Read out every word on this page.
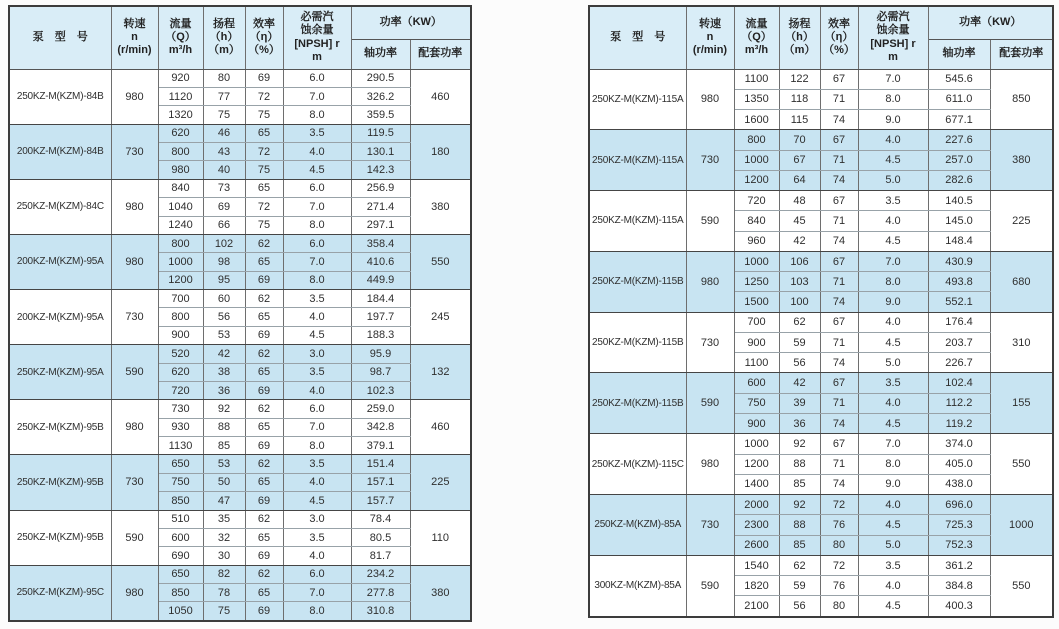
泵　型　号	
转速
n
(r/min)

流量
（Q）
m³/h

扬程
（h）
（m）

效率
（η）
（%）

必需汽
蚀余量
[NPSH] r
m
	功率（KW）
						轴功率	配套功率
250KZ-M(KZM)-84B	980	920	80	69	6.0	290.5	460
		1120	77	72	7.0	326.2	
		1320	75	75	8.0	359.5	
200KZ-M(KZM)-84B	730	620	46	65	3.5	119.5	180
		800	43	72	4.0	130.1	
		980	40	75	4.5	142.3	
250KZ-M(KZM)-84C	980	840	73	65	6.0	256.9	380
		1040	69	72	7.0	271.4	
		1240	66	75	8.0	297.1	
200KZ-M(KZM)-95A	980	800	102	62	6.0	358.4	550
		1000	98	65	7.0	410.6	
		1200	95	69	8.0	449.9	
200KZ-M(KZM)-95A	730	700	60	62	3.5	184.4	245
		800	56	65	4.0	197.7	
		900	53	69	4.5	188.3	
250KZ-M(KZM)-95A	590	520	42	62	3.0	95.9	132
		620	38	65	3.5	98.7	
		720	36	69	4.0	102.3	
250KZ-M(KZM)-95B	980	730	92	62	6.0	259.0	460
		930	88	65	7.0	342.8	
		1130	85	69	8.0	379.1	
250KZ-M(KZM)-95B	730	650	53	62	3.5	151.4	225
		750	50	65	4.0	157.1	
		850	47	69	4.5	157.7	
250KZ-M(KZM)-95B	590	510	35	62	3.0	78.4	110
		600	32	65	3.5	80.5	
		690	30	69	4.0	81.7	
250KZ-M(KZM)-95C	980	650	82	62	6.0	234.2	380
		850	78	65	7.0	277.8	
		1050	75	69	8.0	310.8	
泵　型　号	
转速
n
(r/min)

流量
（Q）
m³/h

扬程
（h）
（m）

效率
（η）
（%）

必需汽
蚀余量
[NPSH] r
m
	功率（KW）
						轴功率	配套功率
250KZ-M(KZM)-115A	980	1100	122	67	7.0	545.6	850
		1350	118	71	8.0	611.0	
		1600	115	74	9.0	677.1	
250KZ-M(KZM)-115A	730	800	70	67	4.0	227.6	380
		1000	67	71	4.5	257.0	
		1200	64	74	5.0	282.6	
250KZ-M(KZM)-115A	590	720	48	67	3.5	140.5	225
		840	45	71	4.0	145.0	
		960	42	74	4.5	148.4	
250KZ-M(KZM)-115B	980	1000	106	67	7.0	430.9	680
		1250	103	71	8.0	493.8	
		1500	100	74	9.0	552.1	
250KZ-M(KZM)-115B	730	700	62	67	4.0	176.4	310
		900	59	71	4.5	203.7	
		1100	56	74	5.0	226.7	
250KZ-M(KZM)-115B	590	600	42	67	3.5	102.4	155
		750	39	71	4.0	112.2	
		900	36	74	4.5	119.2	
250KZ-M(KZM)-115C	980	1000	92	67	7.0	374.0	550
		1200	88	71	8.0	405.0	
		1400	85	74	9.0	438.0	
250KZ-M(KZM)-85A	730	2000	92	72	4.0	696.0	1000
		2300	88	76	4.5	725.3	
		2600	85	80	5.0	752.3	
300KZ-M(KZM)-85A	590	1540	62	72	3.5	361.2	550
		1820	59	76	4.0	384.8	
		2100	56	80	4.5	400.3	
